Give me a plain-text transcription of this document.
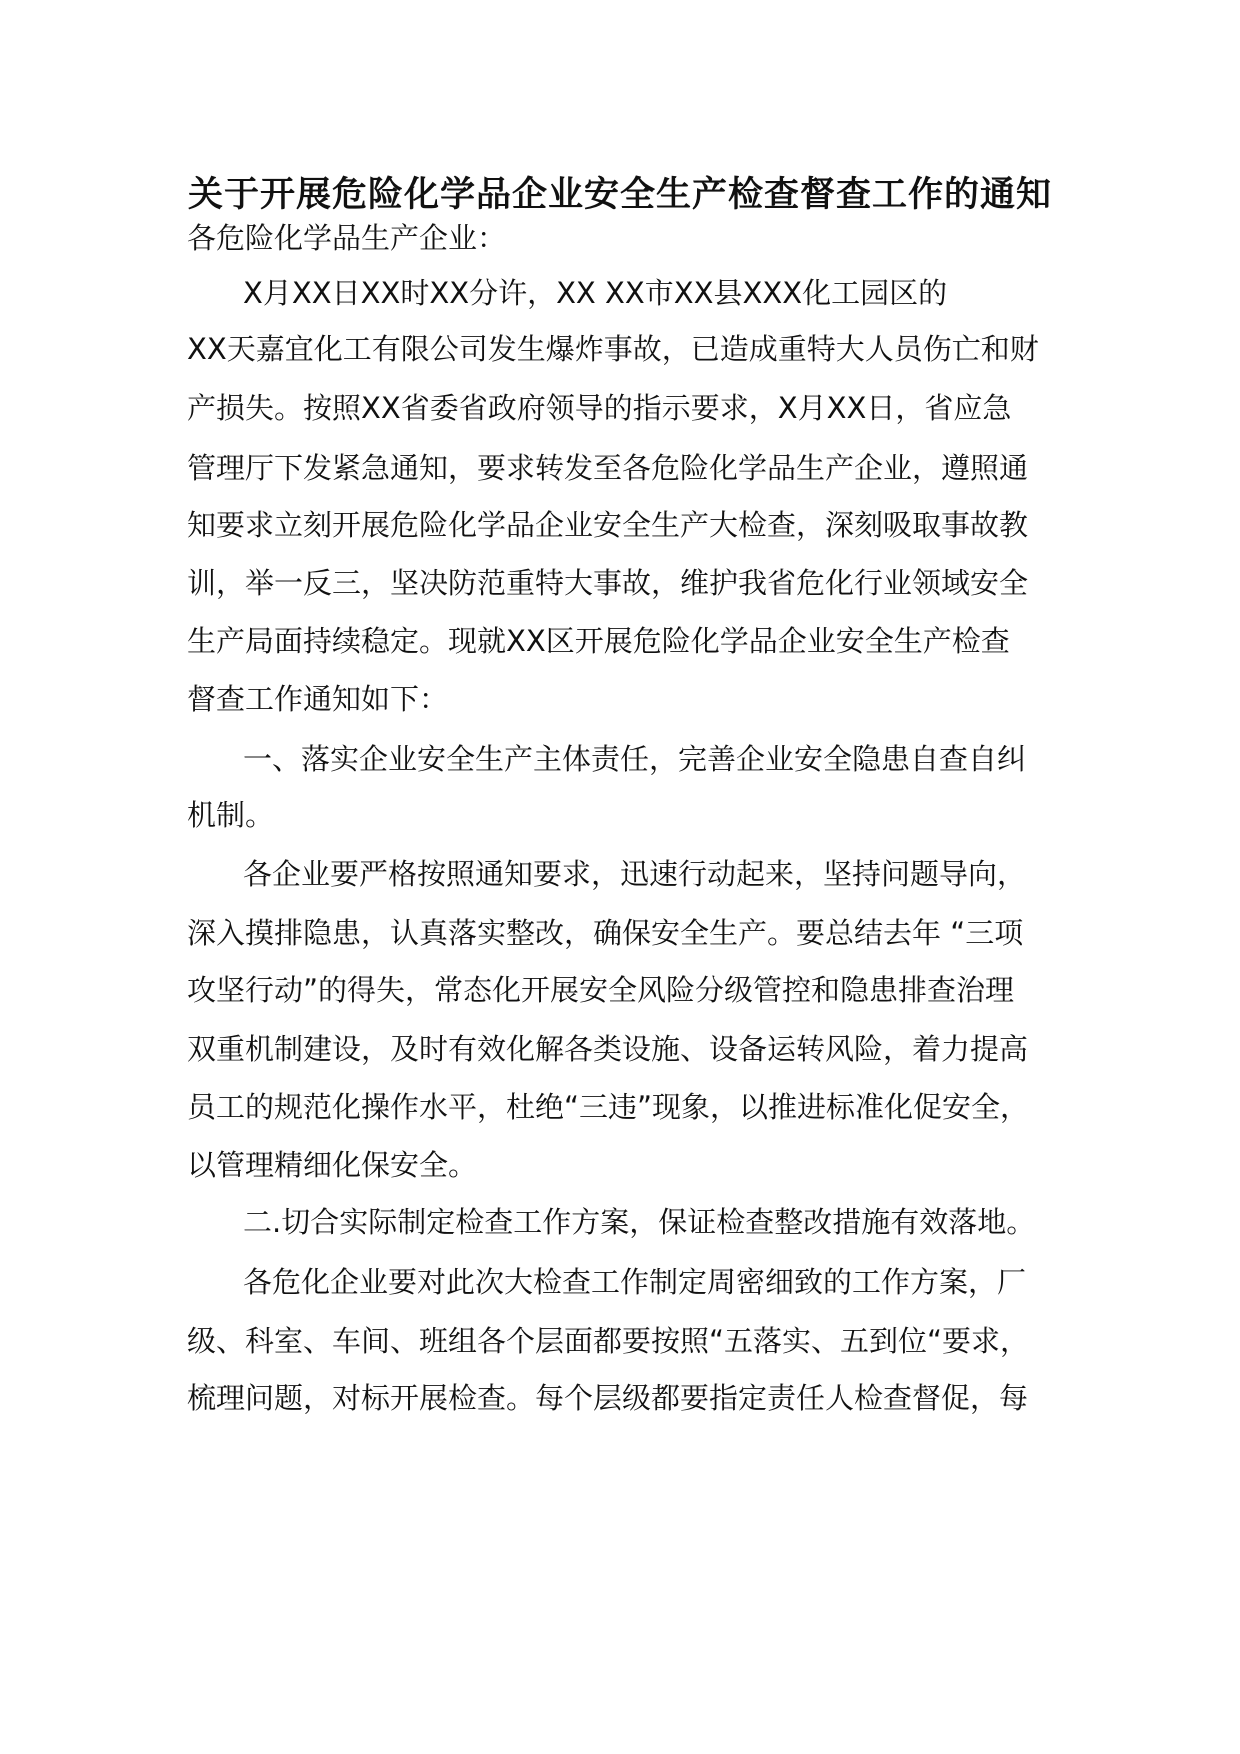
关于开展危险化学品企业安全生产检查督查工作的通知
各危险化学品生产企业：
X月XX日XX时XX分许，XX XX市XX县XXX化工园区的
XX天嘉宜化工有限公司发生爆炸事故，已造成重特大人员伤亡和财
产损失。按照XX省委省政府领导的指示要求，X月XX日，省应急
管理厅下发紧急通知，要求转发至各危险化学品生产企业，遵照通
知要求立刻开展危险化学品企业安全生产大检查，深刻吸取事故教
训，举一反三，坚决防范重特大事故，维护我省危化行业领域安全
生产局面持续稳定。现就XX区开展危险化学品企业安全生产检查
督查工作通知如下：
一、落实企业安全生产主体责任，完善企业安全隐患自查自纠
机制。
各企业要严格按照通知要求，迅速行动起来，坚持问题导向，
深入摸排隐患，认真落实整改，确保安全生产。要总结去年 “三项
攻坚行动”的得失，常态化开展安全风险分级管控和隐患排查治理
双重机制建设，及时有效化解各类设施、设备运转风险，着力提高
员工的规范化操作水平，杜绝“三违”现象，以推进标准化促安全，
以管理精细化保安全。
二.切合实际制定检查工作方案，保证检查整改措施有效落地。
各危化企业要对此次大检查工作制定周密细致的工作方案，厂
级、科室、车间、班组各个层面都要按照“五落实、五到位“要求，
梳理问题，对标开展检查。每个层级都要指定责任人检查督促，每
